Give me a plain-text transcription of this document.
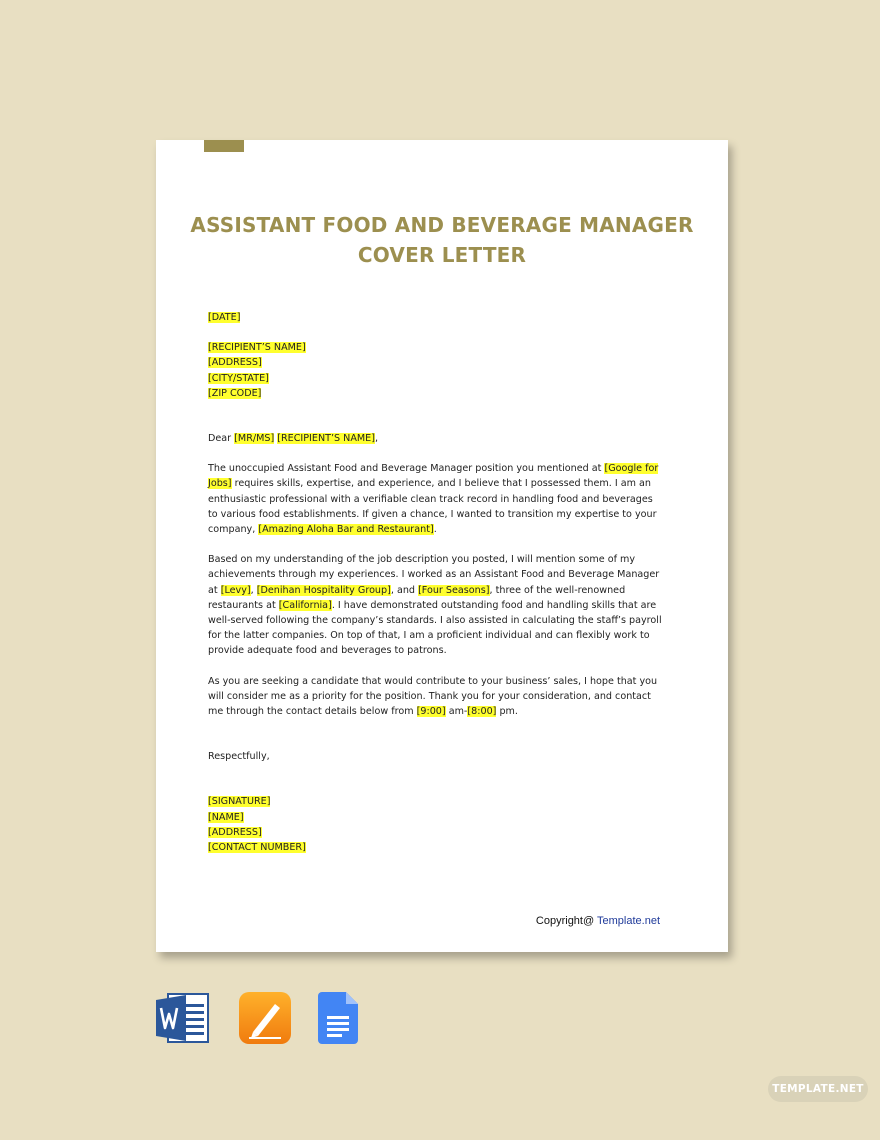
ASSISTANT FOOD AND BEVERAGE MANAGER
COVER LETTER
[DATE]
[RECIPIENT’S NAME]
[ADDRESS]
[CITY/STATE]
[ZIP CODE]

Dear [MR/MS] [RECIPIENT’S NAME],

The unoccupied Assistant Food and Beverage Manager position you mentioned at [Google for Jobs] requires skills, expertise, and experience, and I believe that I possessed them. I am an enthusiastic professional with a verifiable clean track record in handling food and beverages to various food establishments. If given a chance, I wanted to transition my expertise to your company, [Amazing Aloha Bar and Restaurant].

Based on my understanding of the job description you posted, I will mention some of my achievements through my experiences. I worked as an Assistant Food and Beverage Manager at [Levy], [Denihan Hospitality Group], and [Four Seasons], three of the well-renowned restaurants at [California]. I have demonstrated outstanding food and handling skills that are well-served following the company’s standards. I also assisted in calculating the staff’s payroll for the latter companies. On top of that, I am a proficient individual and can flexibly work to provide adequate food and beverages to patrons.

As you are seeking a candidate that would contribute to your business’ sales, I hope that you will consider me as a priority for the position. Thank you for your consideration, and contact me through the contact details below from [9:00] am-[8:00] pm.

Respectfully,

[SIGNATURE]
[NAME]
[ADDRESS]
[CONTACT NUMBER]
Copyright@ Template.net
TEMPLATE.NET
